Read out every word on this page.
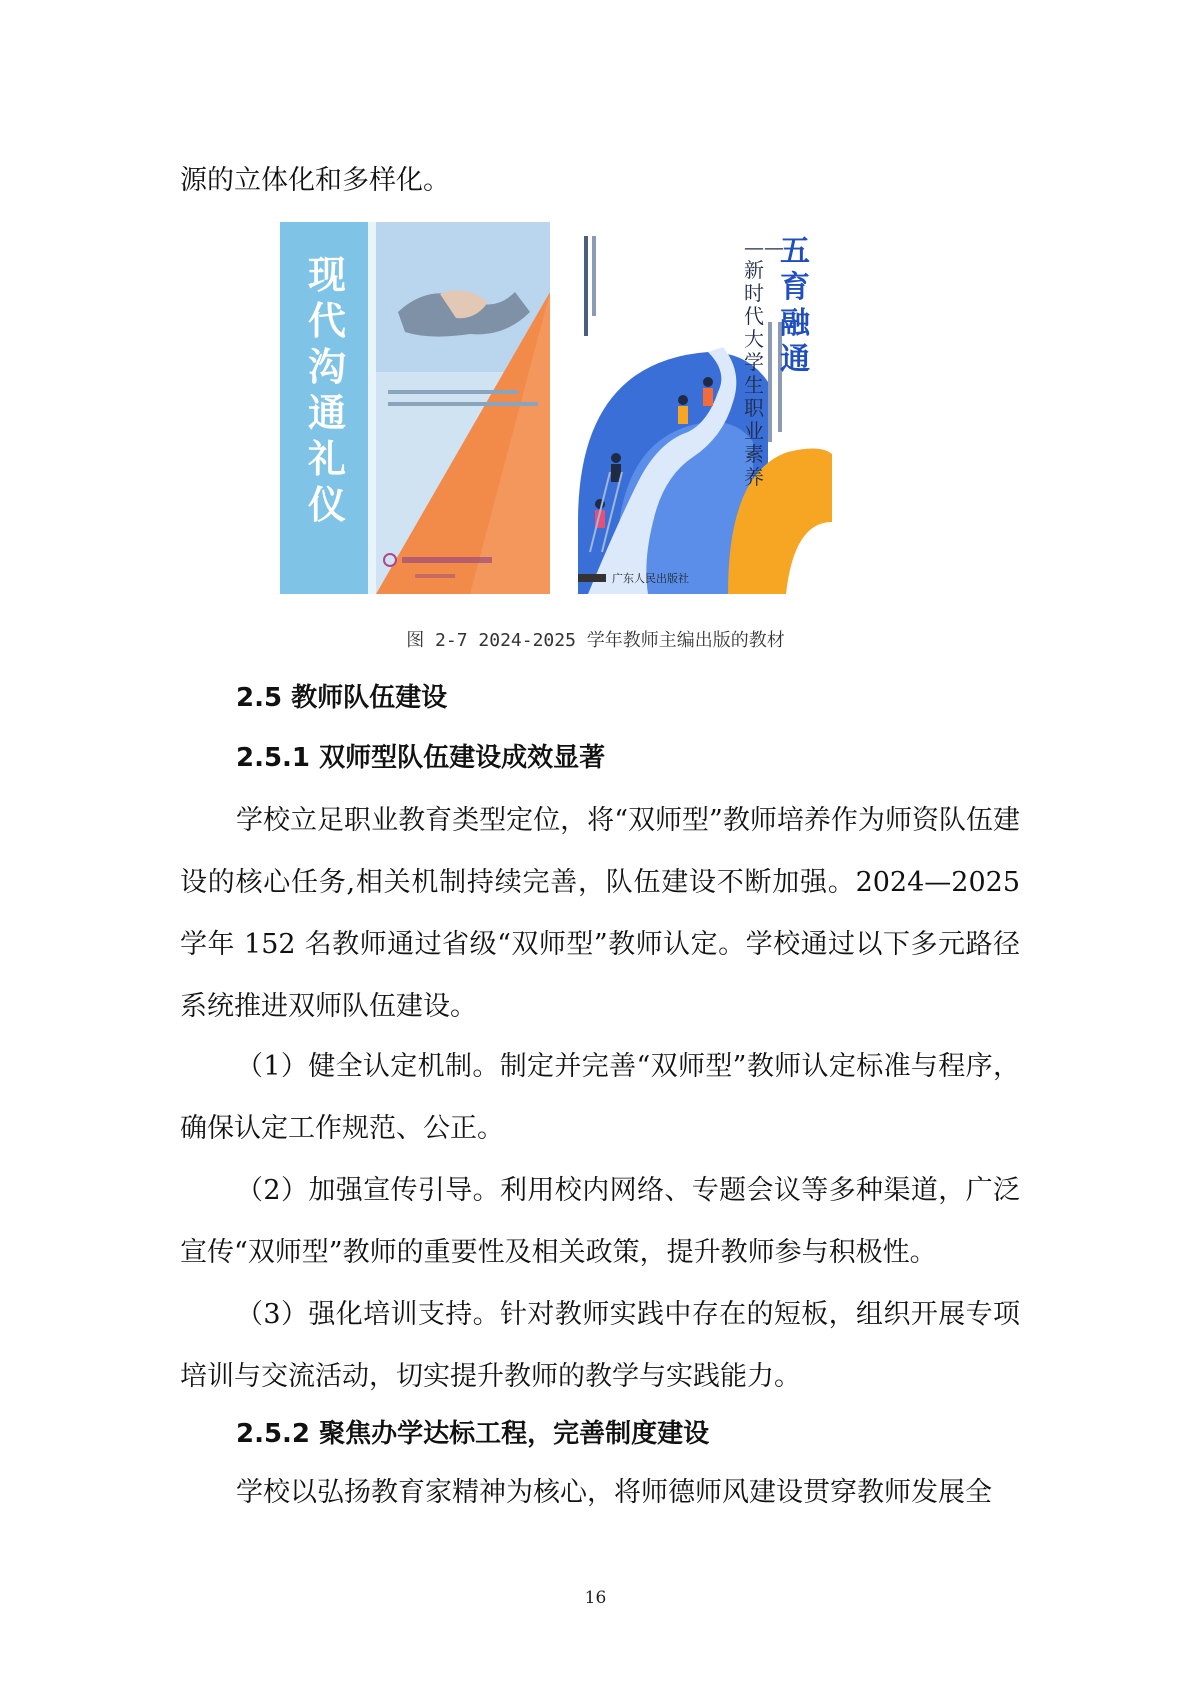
源的立体化和多样化。

现代沟通礼仪
五育融通
——新时代大学生职业素养
广东人民出版社

图 2-7 2024-2025 学年教师主编出版的教材

2.5 教师队伍建设
2.5.1 双师型队伍建设成效显著

学校立足职业教育类型定位，将“双师型”教师培养作为师资队伍建设的核心任务,相关机制持续完善，队伍建设不断加强。2024—2025 学年 152 名教师通过省级“双师型”教师认定。学校通过以下多元路径系统推进双师队伍建设。

（1）健全认定机制。制定并完善“双师型”教师认定标准与程序，确保认定工作规范、公正。

（2）加强宣传引导。利用校内网络、专题会议等多种渠道，广泛宣传“双师型”教师的重要性及相关政策，提升教师参与积极性。

（3）强化培训支持。针对教师实践中存在的短板，组织开展专项培训与交流活动，切实提升教师的教学与实践能力。

2.5.2 聚焦办学达标工程，完善制度建设

学校以弘扬教育家精神为核心，将师德师风建设贯穿教师发展全

16
